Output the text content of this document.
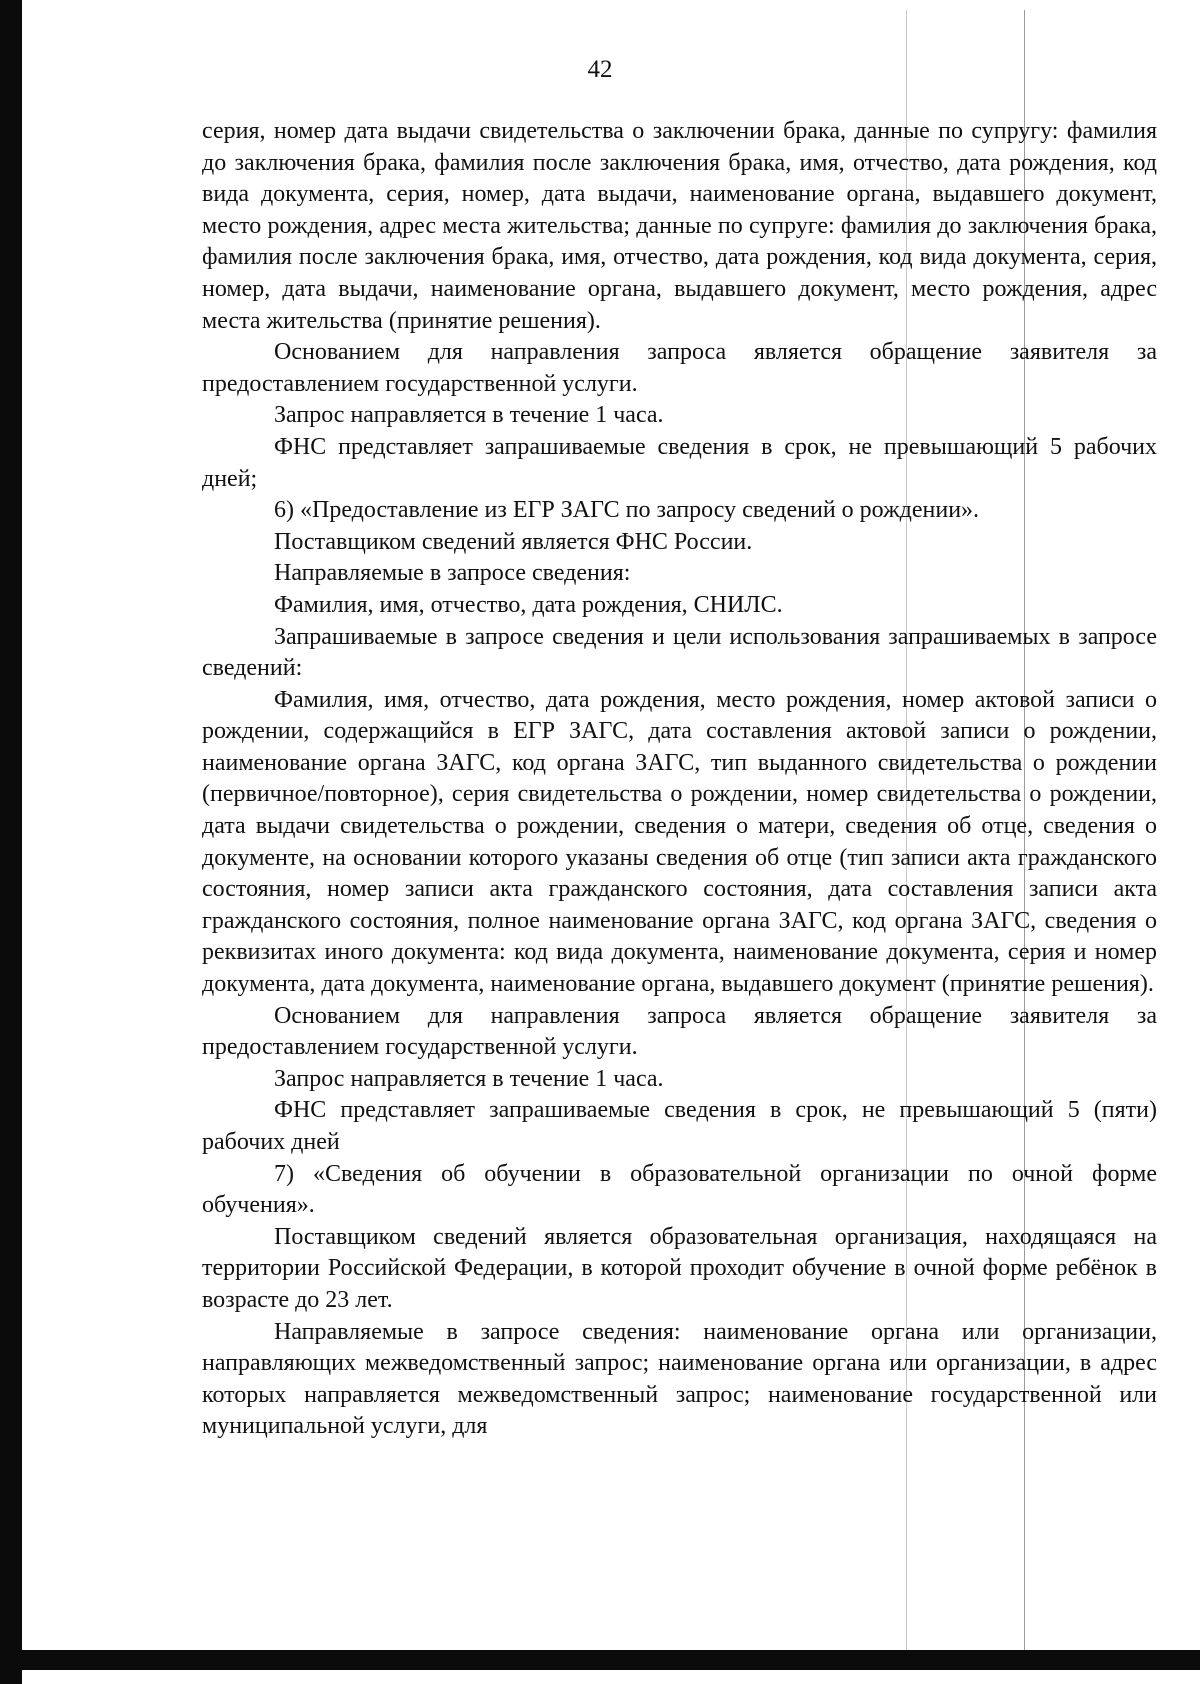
42

серия, номер дата выдачи свидетельства о заключении брака, данные по супругу: фамилия до заключения брака, фамилия после заключения брака, имя, отчество, дата рождения, код вида документа, серия, номер, дата выдачи, наименование органа, выдавшего документ, место рождения, адрес места жительства; данные по супруге: фамилия до заключения брака, фамилия после заключения брака, имя, отчество, дата рождения, код вида документа, серия, номер, дата выдачи, наименование органа, выдавшего документ, место рождения, адрес места жительства (принятие решения).

Основанием для направления запроса является обращение заявителя за предоставлением государственной услуги.

Запрос направляется в течение 1 часа.

ФНС представляет запрашиваемые сведения в срок, не превышающий 5 рабочих дней;

6) «Предоставление из ЕГР ЗАГС по запросу сведений о рождении».

Поставщиком сведений является ФНС России.

Направляемые в запросе сведения:

Фамилия, имя, отчество, дата рождения, СНИЛС.

Запрашиваемые в запросе сведения и цели использования запрашиваемых в запросе сведений:

Фамилия, имя, отчество, дата рождения, место рождения, номер актовой записи о рождении, содержащийся в ЕГР ЗАГС, дата составления актовой записи о рождении, наименование органа ЗАГС, код органа ЗАГС, тип выданного свидетельства о рождении (первичное/повторное), серия свидетельства о рождении, номер свидетельства о рождении, дата выдачи свидетельства о рождении, сведения о матери, сведения об отце, сведения о документе, на основании которого указаны сведения об отце (тип записи акта гражданского состояния, номер записи акта гражданского состояния, дата составления записи акта гражданского состояния, полное наименование органа ЗАГС, код органа ЗАГС, сведения о реквизитах иного документа: код вида документа, наименование документа, серия и номер документа, дата документа, наименование органа, выдавшего документ (принятие решения).

Основанием для направления запроса является обращение заявителя за предоставлением государственной услуги.

Запрос направляется в течение 1 часа.

ФНС представляет запрашиваемые сведения в срок, не превышающий 5 (пяти) рабочих дней

7) «Сведения об обучении в образовательной организации по очной форме обучения».

Поставщиком сведений является образовательная организация, находящаяся на территории Российской Федерации, в которой проходит обучение в очной форме ребёнок в возрасте до 23 лет.

Направляемые в запросе сведения: наименование органа или организации, направляющих межведомственный запрос; наименование органа или организации, в адрес которых направляется межведомственный запрос; наименование государственной или муниципальной услуги, для
